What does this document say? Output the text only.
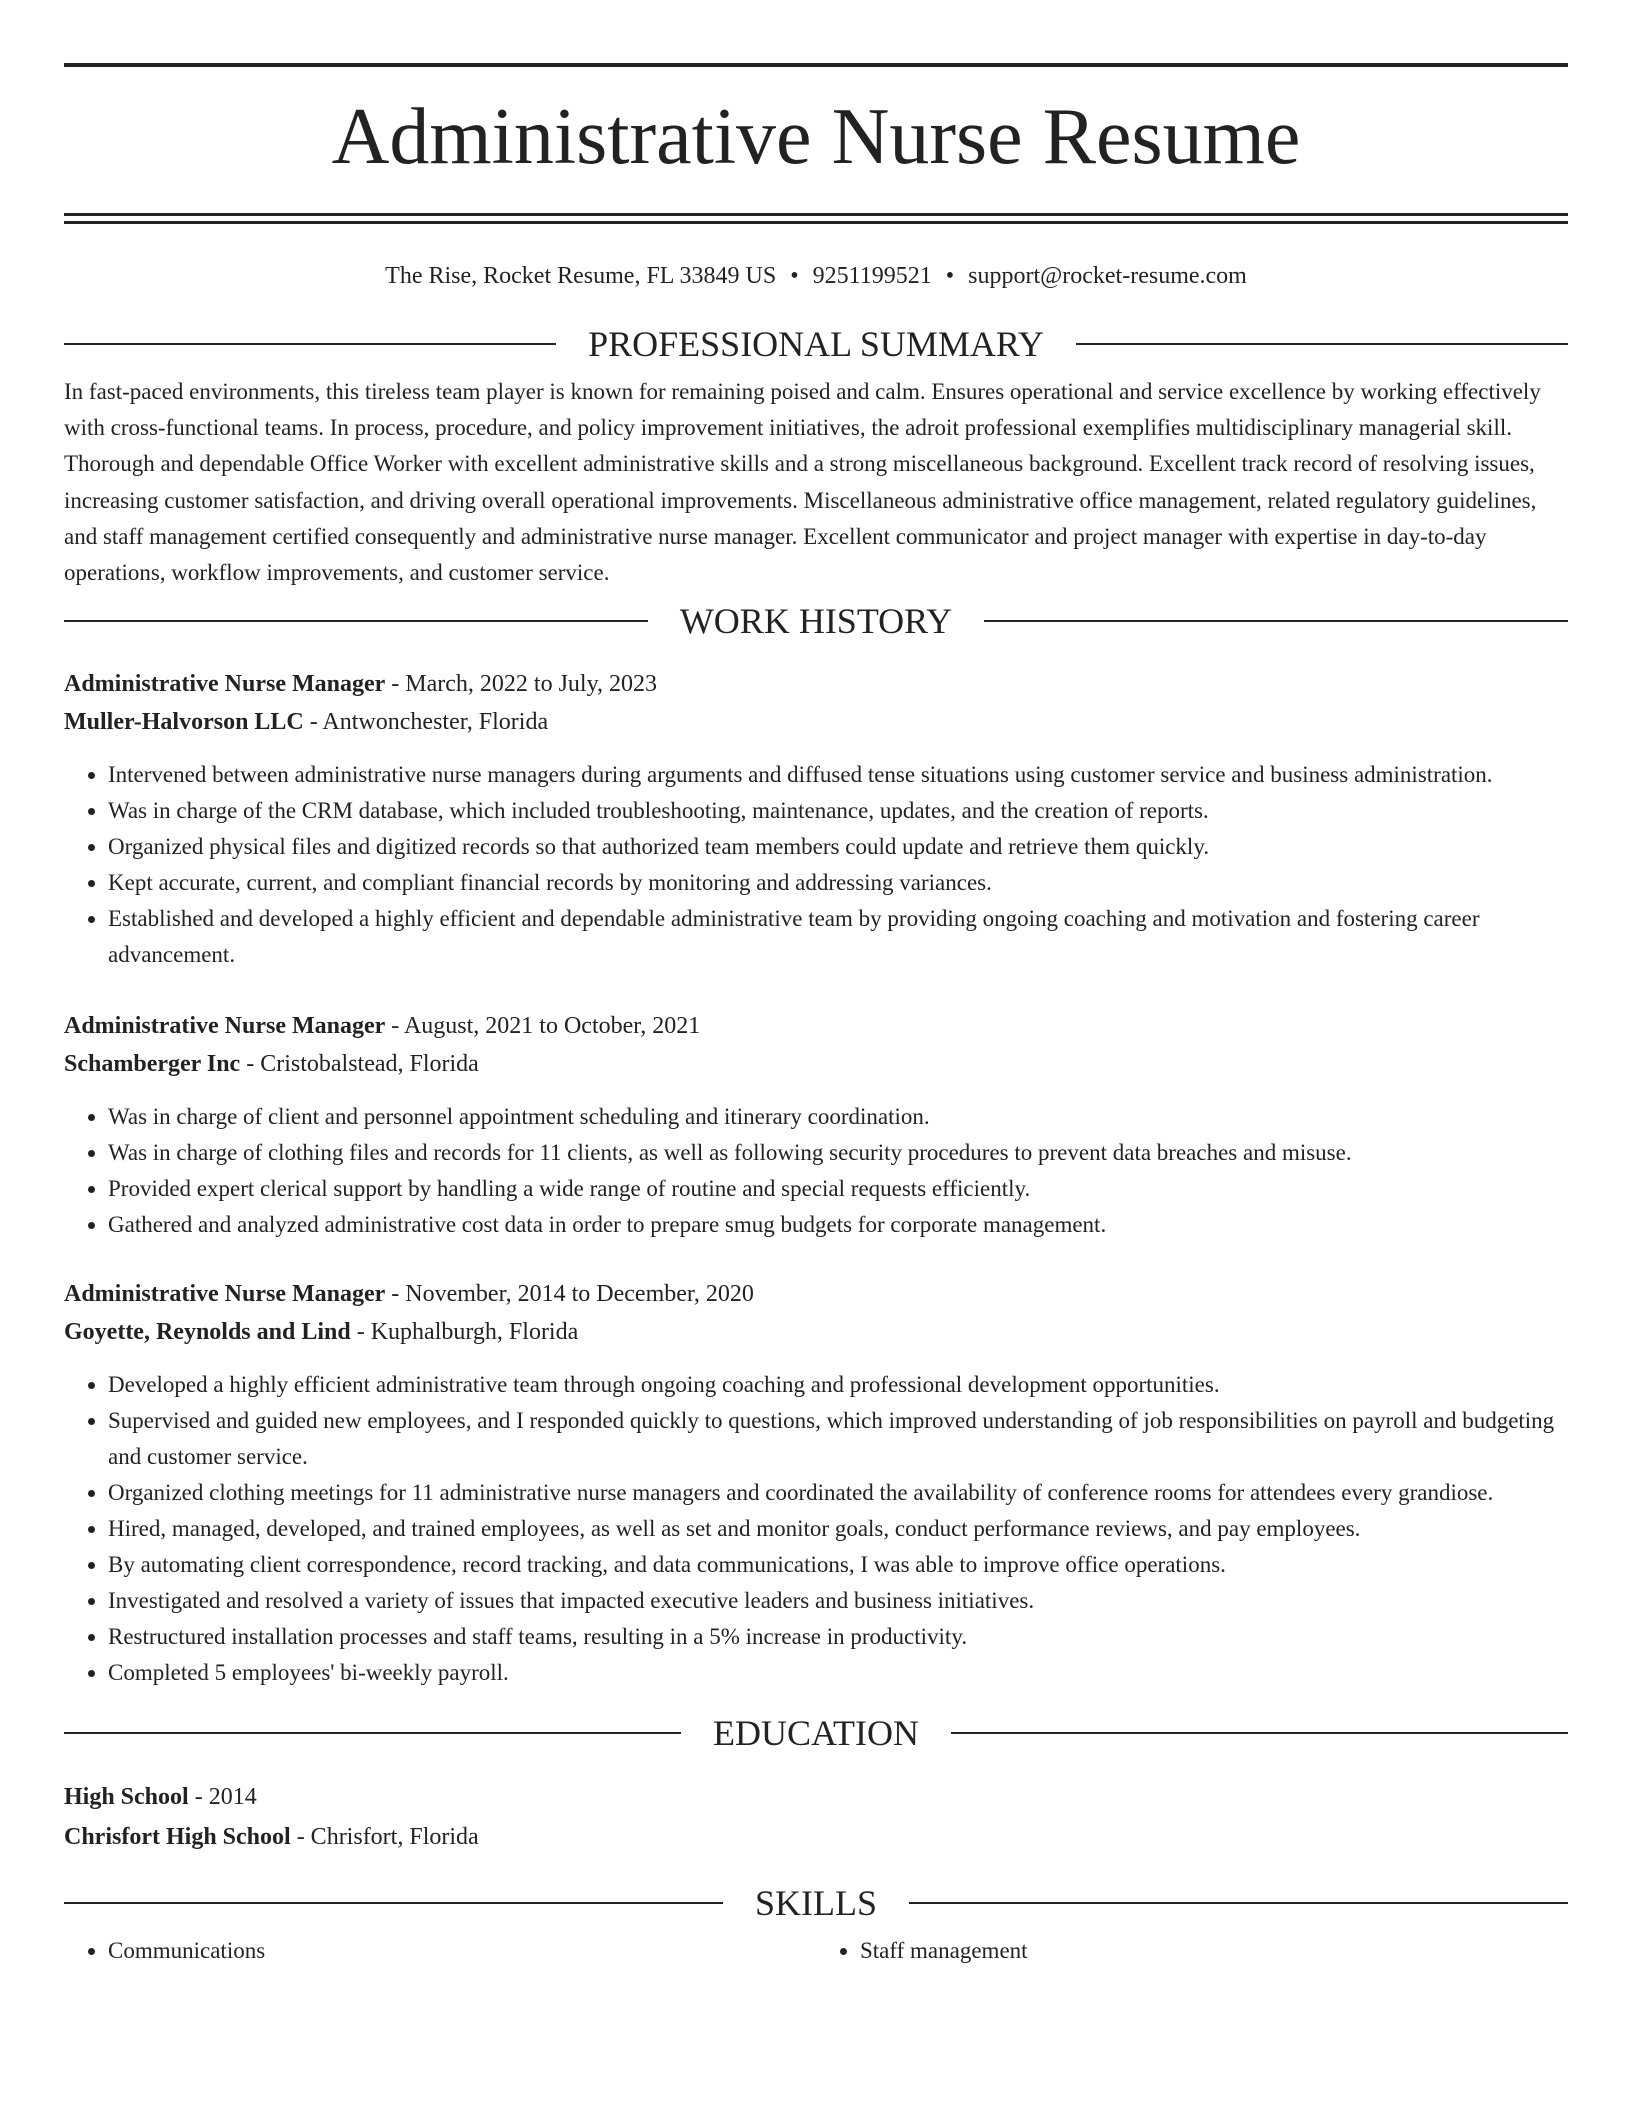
Administrative Nurse Resume
The Rise, Rocket Resume, FL 33849 US • 9251199521 • support@rocket-resume.com
PROFESSIONAL SUMMARY

In fast-paced environments, this tireless team player is known for remaining poised and calm. Ensures operational and service excellence by working effectively with cross-functional teams. In process, procedure, and policy improvement initiatives, the adroit professional exemplifies multidisciplinary managerial skill. Thorough and dependable Office Worker with excellent administrative skills and a strong miscellaneous background. Excellent track record of resolving issues, increasing customer satisfaction, and driving overall operational improvements. Miscellaneous administrative office management, related regulatory guidelines, and staff management certified consequently and administrative nurse manager. Excellent communicator and project manager with expertise in day-to-day operations, workflow improvements, and customer service.

WORK HISTORY
Administrative Nurse Manager - March, 2022 to July, 2023
Muller-Halvorson LLC - Antwonchester, Florida
• Intervened between administrative nurse managers during arguments and diffused tense situations using customer service and business administration.
• Was in charge of the CRM database, which included troubleshooting, maintenance, updates, and the creation of reports.
• Organized physical files and digitized records so that authorized team members could update and retrieve them quickly.
• Kept accurate, current, and compliant financial records by monitoring and addressing variances.
• Established and developed a highly efficient and dependable administrative team by providing ongoing coaching and motivation and fostering career advancement.
Administrative Nurse Manager - August, 2021 to October, 2021
Schamberger Inc - Cristobalstead, Florida
• Was in charge of client and personnel appointment scheduling and itinerary coordination.
• Was in charge of clothing files and records for 11 clients, as well as following security procedures to prevent data breaches and misuse.
• Provided expert clerical support by handling a wide range of routine and special requests efficiently.
• Gathered and analyzed administrative cost data in order to prepare smug budgets for corporate management.
Administrative Nurse Manager - November, 2014 to December, 2020
Goyette, Reynolds and Lind - Kuphalburgh, Florida
• Developed a highly efficient administrative team through ongoing coaching and professional development opportunities.
• Supervised and guided new employees, and I responded quickly to questions, which improved understanding of job responsibilities on payroll and budgeting and customer service.
• Organized clothing meetings for 11 administrative nurse managers and coordinated the availability of conference rooms for attendees every grandiose.
• Hired, managed, developed, and trained employees, as well as set and monitor goals, conduct performance reviews, and pay employees.
• By automating client correspondence, record tracking, and data communications, I was able to improve office operations.
• Investigated and resolved a variety of issues that impacted executive leaders and business initiatives.
• Restructured installation processes and staff teams, resulting in a 5% increase in productivity.
• Completed 5 employees' bi-weekly payroll.
EDUCATION
High School - 2014
Chrisfort High School - Chrisfort, Florida
SKILLS
• Communications
•	Staff management
